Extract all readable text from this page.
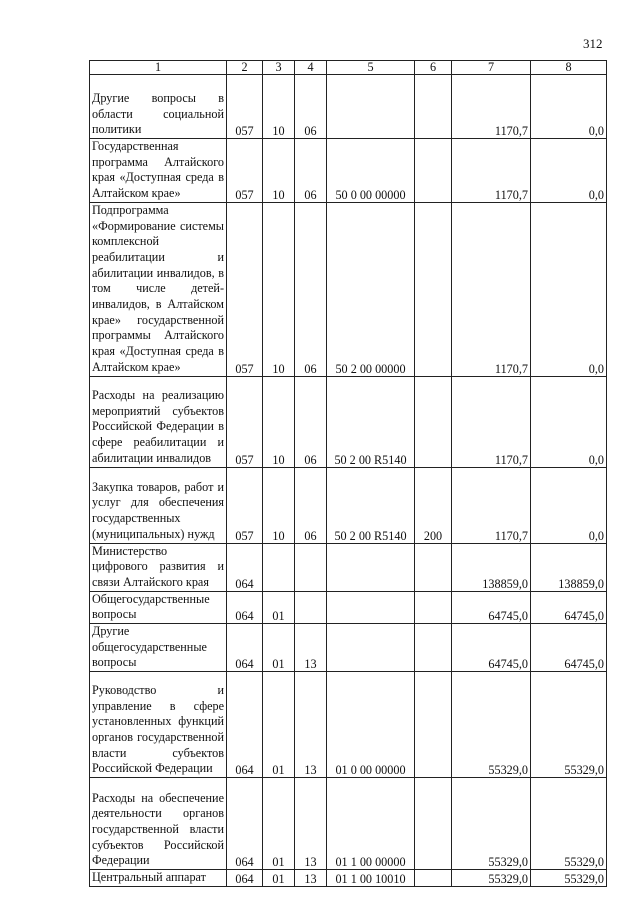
312
1	2	3	4	5	6	7	8
Другие вопросы в области социальной политики	057	10	06			1170,7	0,0
Государственная программа Алтайского края «Доступная среда в Алтайском крае»	057	10	06	50 0 00 00000		1170,7	0,0
Подпрограмма «Формирование системы комплексной реабилитации и абилитации инвалидов, в том числе детей-инвалидов, в Алтайском крае» государственной программы Алтайского края «Доступная среда в Алтайском крае»	057	10	06	50 2 00 00000		1170,7	0,0
Расходы на реализацию мероприятий субъектов Российской Федерации в сфере реабилитации и абилитации инвалидов	057	10	06	50 2 00 R5140		1170,7	0,0
Закупка товаров, работ и услуг для обеспечения государственных (муниципальных) нужд	057	10	06	50 2 00 R5140	200	1170,7	0,0
Министерство цифрового развития и связи Алтайского края	064					138859,0	138859,0
Общегосударственные вопросы	064	01				64745,0	64745,0
Другие общегосударственные вопросы	064	01	13			64745,0	64745,0
Руководство и управление в сфере установленных функций органов государственной власти субъектов Российской Федерации	064	01	13	01 0 00 00000		55329,0	55329,0
Расходы на обеспечение деятельности органов государственной власти субъектов Российской Федерации	064	01	13	01 1 00 00000		55329,0	55329,0
Центральный аппарат	064	01	13	01 1 00 10010		55329,0	55329,0
